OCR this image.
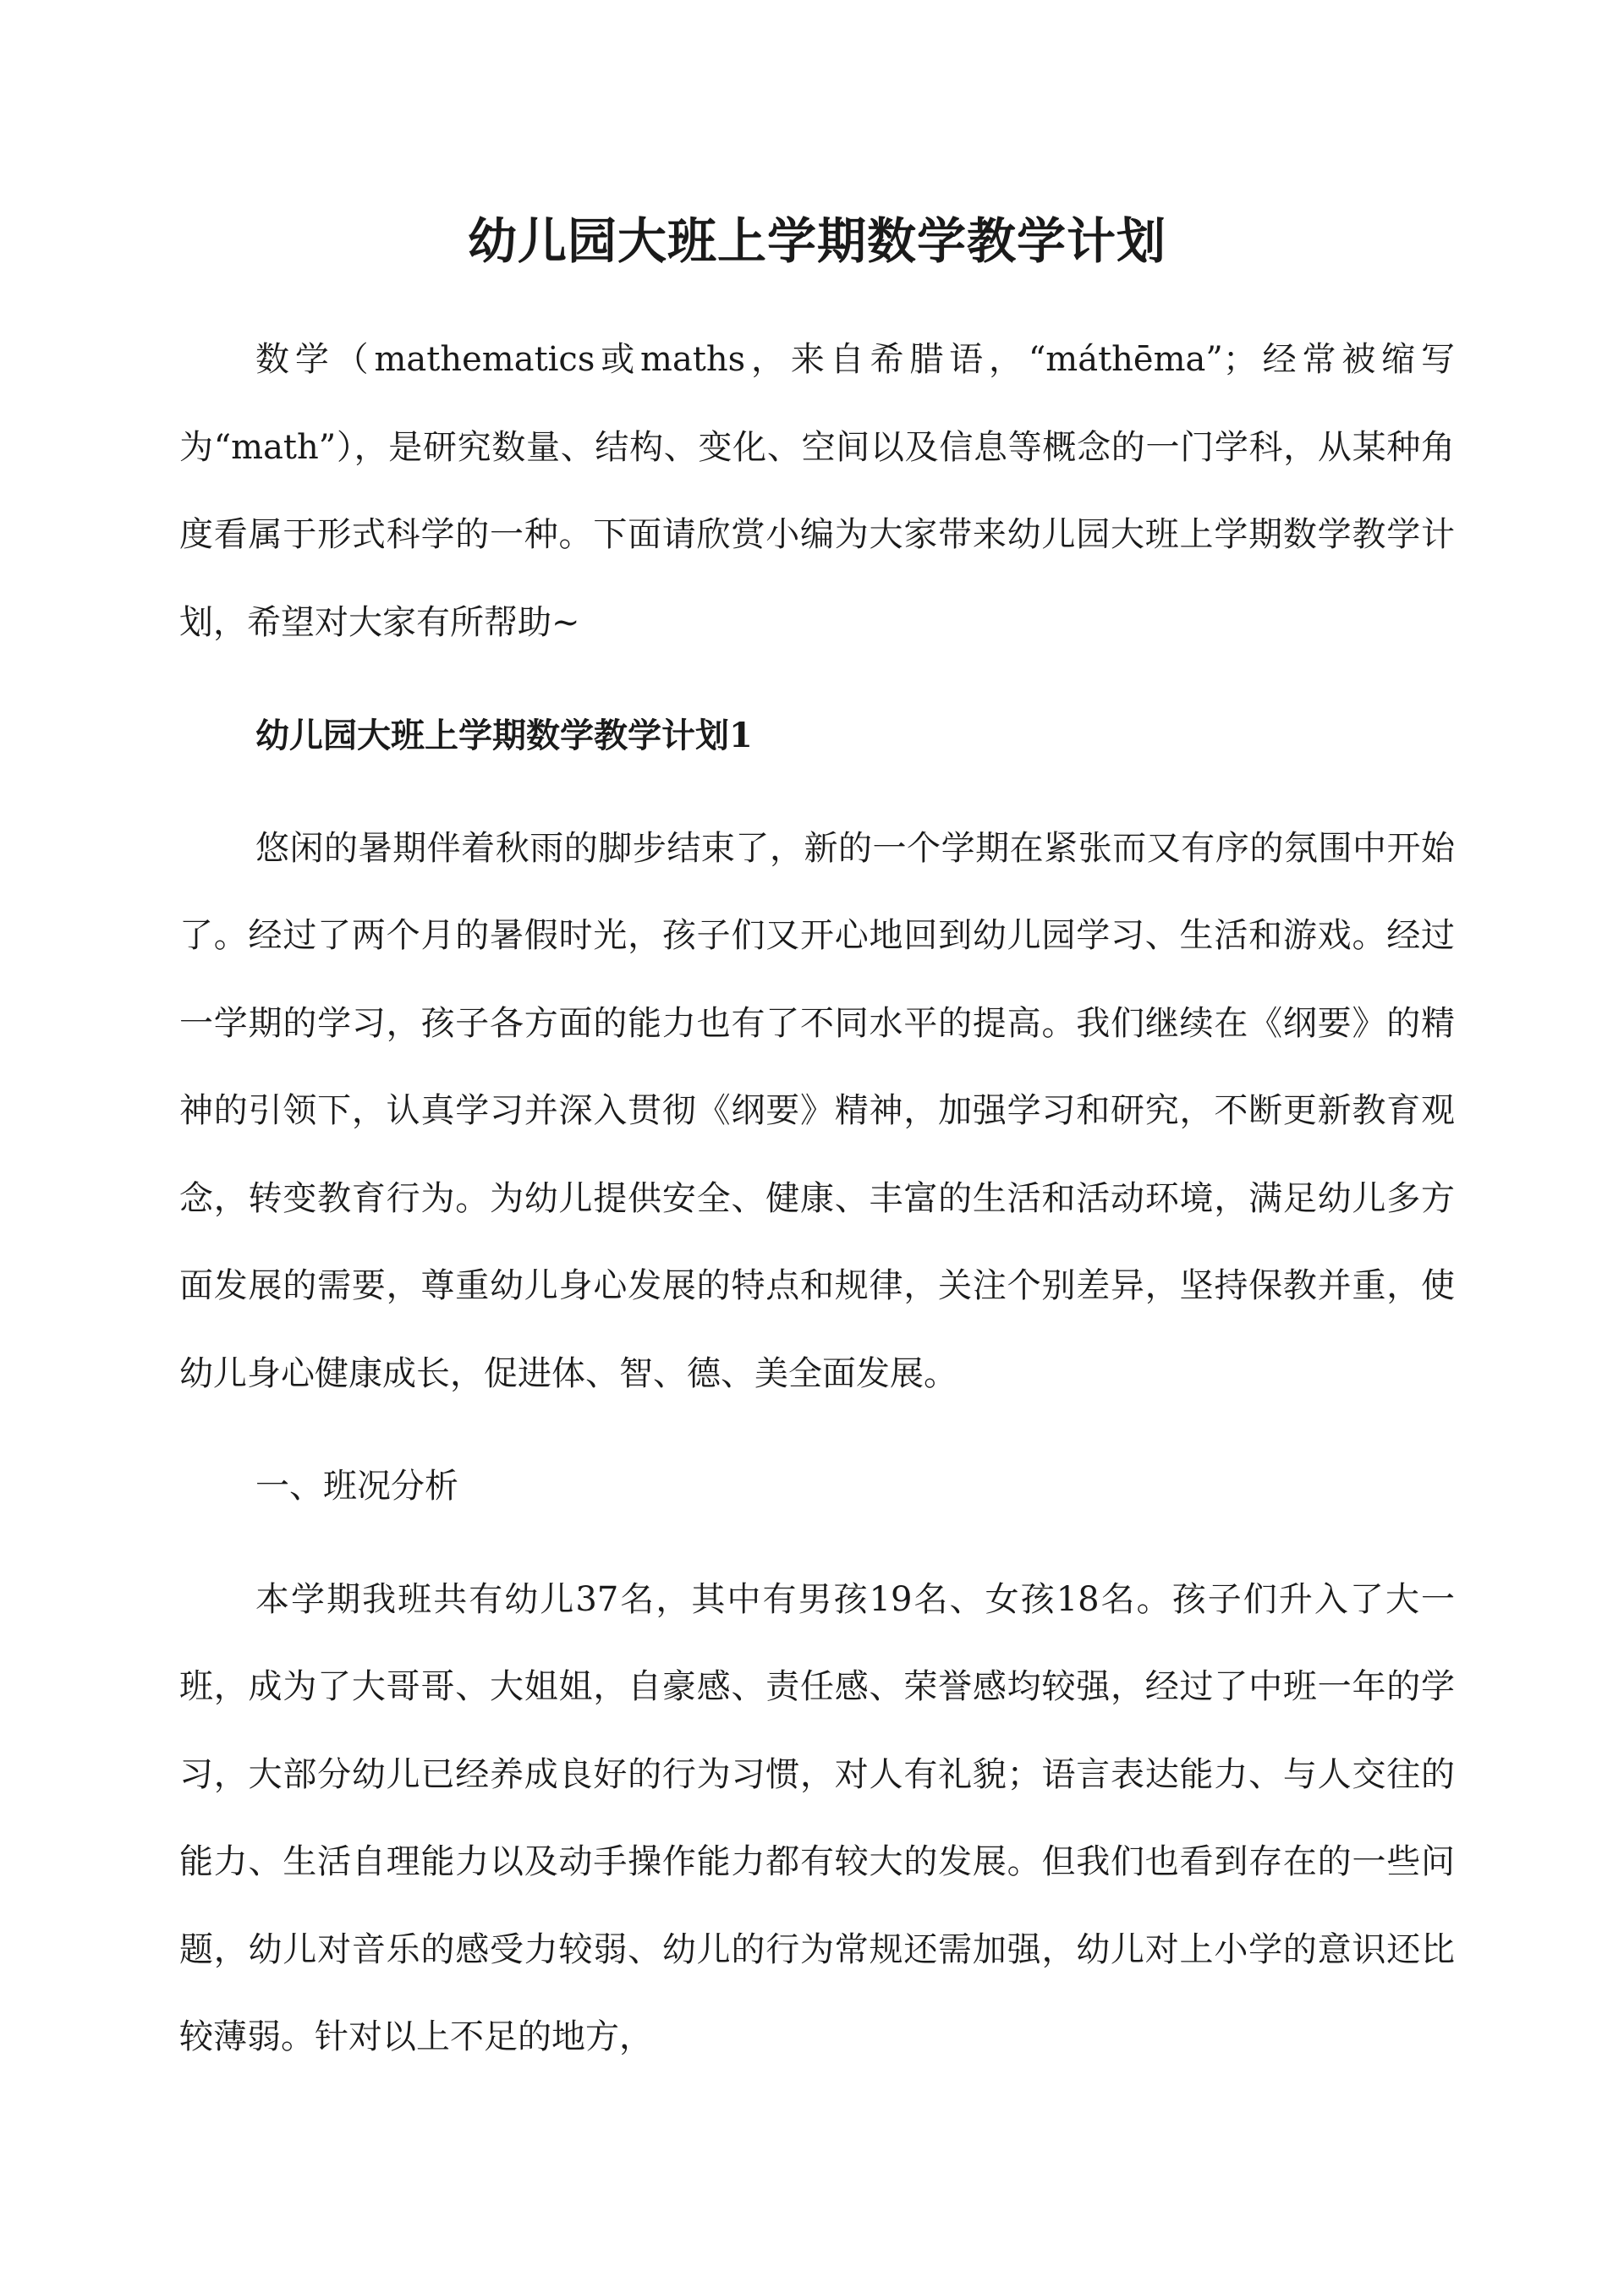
幼儿园大班上学期数学教学计划

数学（mathematics或maths，来自希腊语，“máthēma”；经常被缩写为“math”），是研究数量、结构、变化、空间以及信息等概念的一门学科，从某种角度看属于形式科学的一种。下面请欣赏小编为大家带来幼儿园大班上学期数学教学计划，希望对大家有所帮助~

幼儿园大班上学期数学教学计划1

悠闲的暑期伴着秋雨的脚步结束了，新的一个学期在紧张而又有序的氛围中开始了。经过了两个月的暑假时光，孩子们又开心地回到幼儿园学习、生活和游戏。经过一学期的学习，孩子各方面的能力也有了不同水平的提高。我们继续在《纲要》的精神的引领下，认真学习并深入贯彻《纲要》精神，加强学习和研究，不断更新教育观念，转变教育行为。为幼儿提供安全、健康、丰富的生活和活动环境，满足幼儿多方面发展的需要，尊重幼儿身心发展的特点和规律，关注个别差异，坚持保教并重，使幼儿身心健康成长，促进体、智、德、美全面发展。

一、班况分析

本学期我班共有幼儿37名，其中有男孩19名、女孩18名。孩子们升入了大一班，成为了大哥哥、大姐姐，自豪感、责任感、荣誉感均较强，经过了中班一年的学习，大部分幼儿已经养成良好的行为习惯，对人有礼貌；语言表达能力、与人交往的能力、生活自理能力以及动手操作能力都有较大的发展。但我们也看到存在的一些问题，幼儿对音乐的感受力较弱、幼儿的行为常规还需加强，幼儿对上小学的意识还比较薄弱。针对以上不足的地方，
